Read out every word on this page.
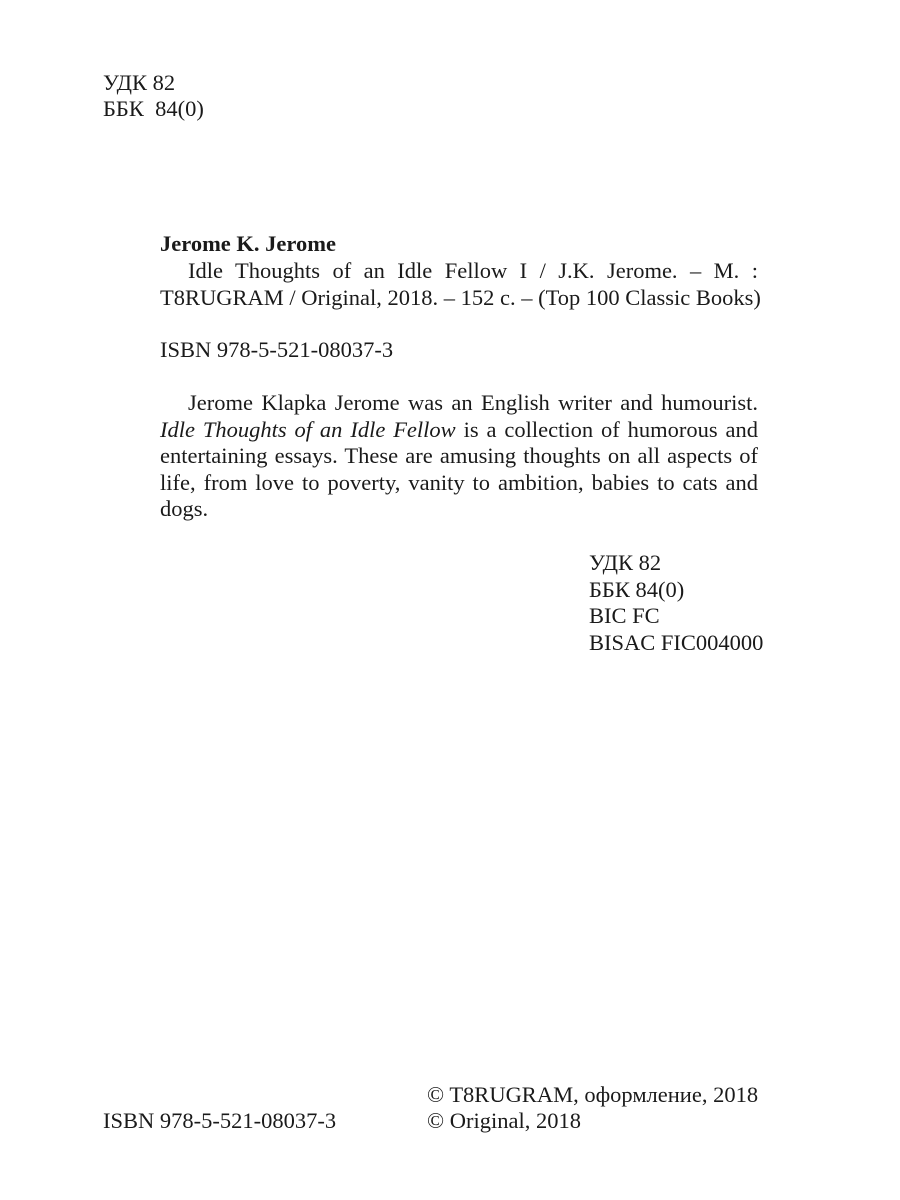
УДК 82
ББК  84(0)
Jerome K. Jerome
Idle Thoughts of an Idle Fellow I / J.K. Jerome. – M. :
T8RUGRAM / Original, 2018. – 152 с. – (Top 100 Classic Books)
ISBN 978-5-521-08037-3

Jerome Klapka Jerome was an English writer and humourist. Idle Thoughts of an Idle Fellow is a collection of humorous and entertaining essays. These are amusing thoughts on all aspects of life, from love to poverty, vanity to ambition, babies to cats and dogs.

УДК 82
ББК 84(0)
BIC FC
BISAC FIC004000
ISBN 978-5-521-08037-3
© T8RUGRAM, оформление, 2018
© Original, 2018
